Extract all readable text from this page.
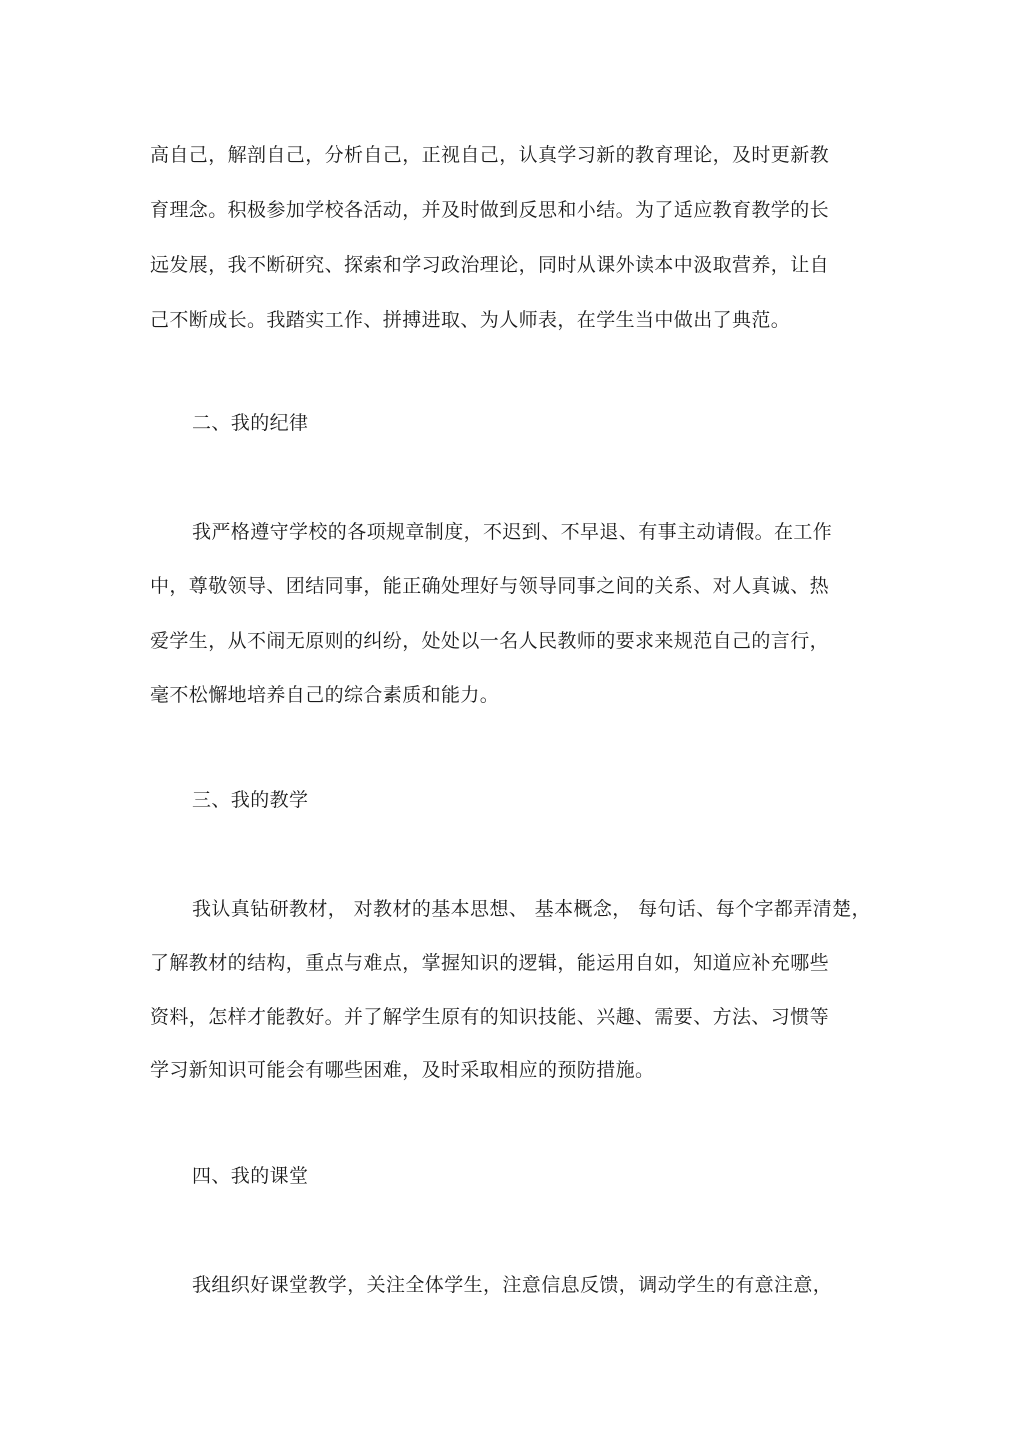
高自己，解剖自己，分析自己，正视自己，认真学习新的教育理论，及时更新教
育理念。积极参加学校各活动，并及时做到反思和小结。为了适应教育教学的长
远发展，我不断研究、探索和学习政治理论，同时从课外读本中汲取营养，让自
己不断成长。我踏实工作、拼搏进取、为人师表，在学生当中做出了典范。
二、我的纪律
我严格遵守学校的各项规章制度，不迟到、不早退、有事主动请假。在工作
中，尊敬领导、团结同事，能正确处理好与领导同事之间的关系、对人真诚、热
爱学生，从不闹无原则的纠纷，处处以一名人民教师的要求来规范自己的言行，
毫不松懈地培养自己的综合素质和能力。
三、我的教学
我认真钻研教材， 对教材的基本思想、 基本概念， 每句话、每个字都弄清楚，
了解教材的结构，重点与难点，掌握知识的逻辑，能运用自如，知道应补充哪些
资料，怎样才能教好。并了解学生原有的知识技能、兴趣、需要、方法、习惯等
学习新知识可能会有哪些困难，及时采取相应的预防措施。
四、我的课堂
我组织好课堂教学，关注全体学生，注意信息反馈，调动学生的有意注意，
